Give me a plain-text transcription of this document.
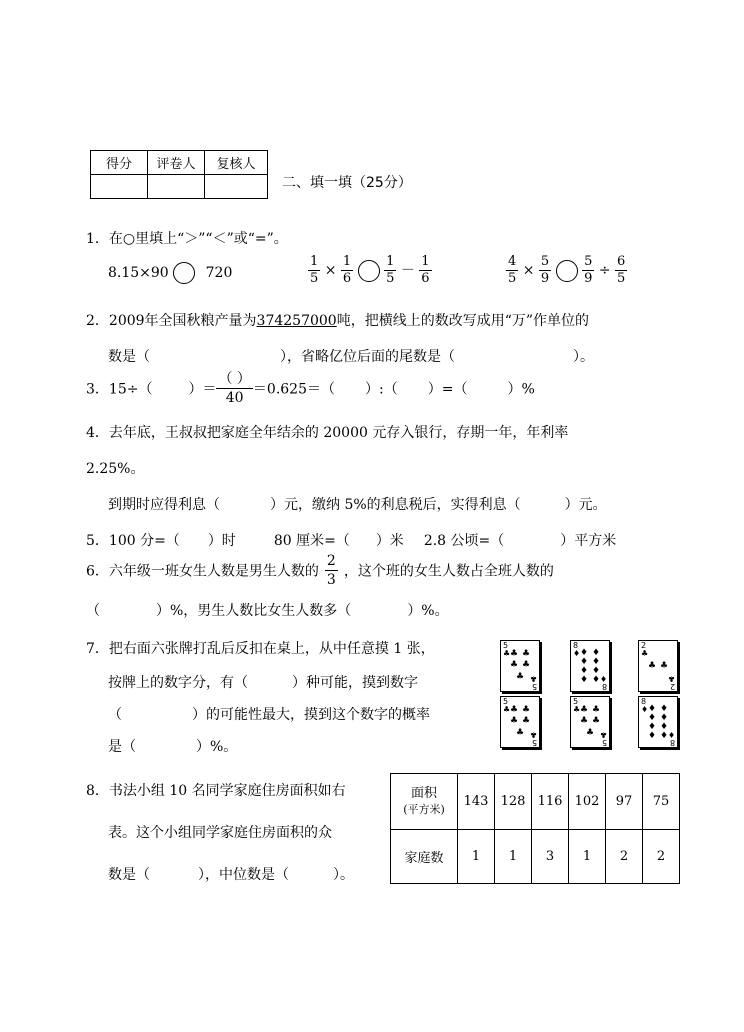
得分	评卷人	复核人

二、填一填（25分）
1．在○里填上“＞”“＜”或“=”。
8.15×90	720	$\frac{1}{5} \times \frac{1}{6}$
$\frac{1}{5} - \frac{1}{6}$	$\frac{4}{5} \times \frac{5}{9}$
$\frac{5}{9} \div \frac{6}{5}$
2．2009年全国秋粮产量为374257000吨，把横线上的数改写成用“万”作单位的
数是（	），省略亿位后面的尾数是（	）。
3．15÷（	）＝ $\frac{( )}{40} =0.625=$（ ）:（ ）=（	）%
4．去年底，王叔叔把家庭全年结余的 20000 元存入银行，存期一年，年利率
2.25%。
到期时应得利息（	）元，缴纳 5%的利息税后，实得利息（	）元。
5．100 分=（ ）时	80 厘米=（ ）米 2.8 公顷=（	）平方米
6．六年级一班女生人数是男生人数的 $\frac{2}{3}$ ，这个班的女生人数占全班人数的
（	）%，男生人数比女生人数多（	）%。
7．把右面六张牌打乱后反扣在桌上，从中任意摸 1 张，
按牌上的数字分，有（	）种可能，摸到数字
（	）的可能性最大，摸到这个数字的概率
是（	）%。
5
♣ ♣ ♣
♣ ♣
♣
5
♣
8
♦ ♦ ♦
♦ ♦
♦ ♦
♦ ♦
8
♦
2
♣
♣ ♣
2
♣
5
♣ ♣ ♣
♣ ♣
♣
5
♣
5
♣ ♣ ♣
♣ ♣
♣
5
♣
8
♦ ♦ ♦
♦ ♦
♦ ♦
♦ ♦
8
♦
8．书法小组 10 名同学家庭住房面积如右
表。这个小组同学家庭住房面积的众
数是（	），中位数是（	）。
面积
(平方米)	143	128	116	102	97	75
家庭数	1	1	3	1	2	2
